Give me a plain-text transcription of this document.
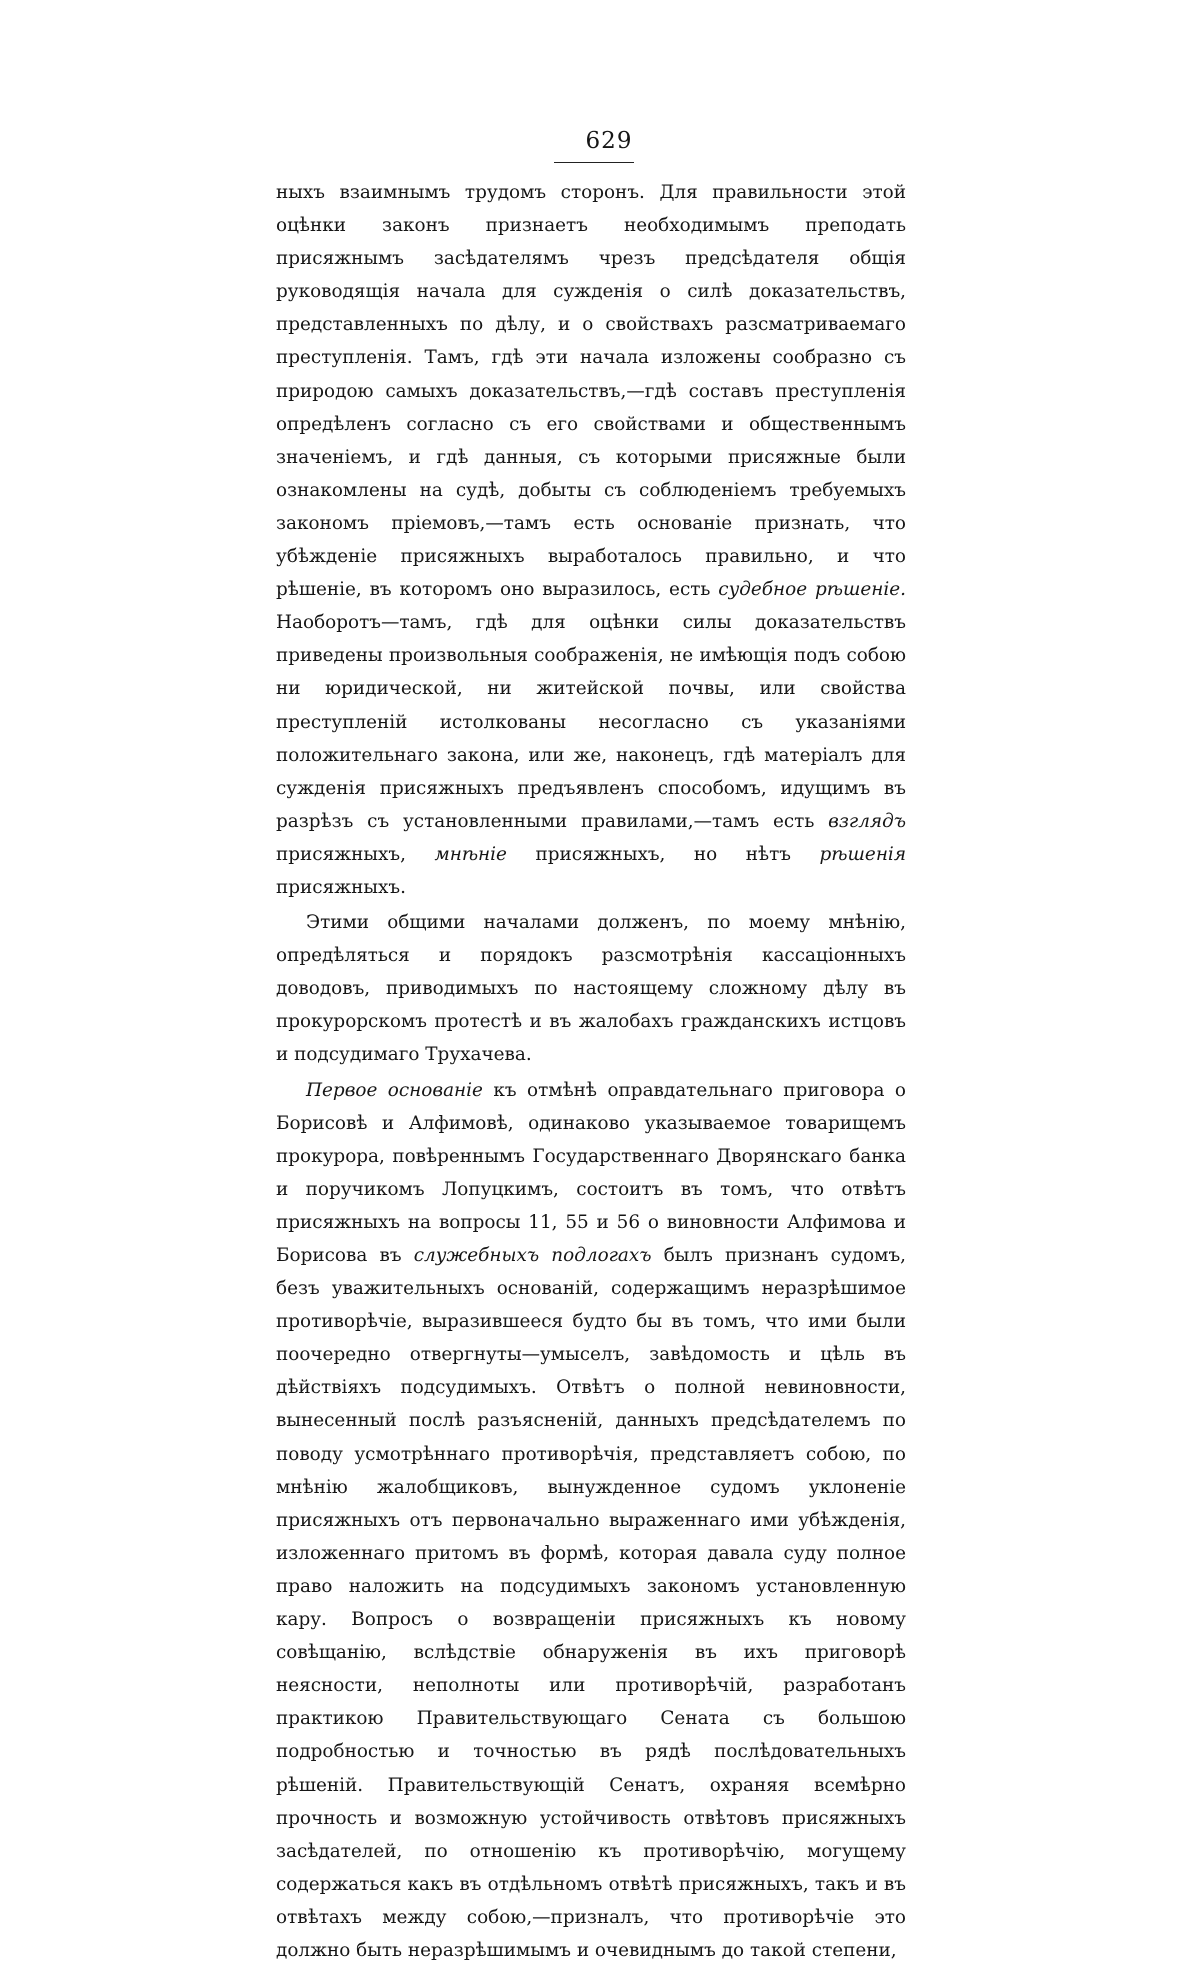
629

ныхъ взаимнымъ трудомъ сторонъ. Для правильности этой оцѣнки законъ признаетъ необходимымъ преподать присяжнымъ засѣдателямъ чрезъ предсѣдателя общія руководящія начала для сужденія о силѣ доказательствъ, представленныхъ по дѣлу, и о свойствахъ разсматриваемаго преступленія. Тамъ, гдѣ эти начала изложены сообразно съ природою самыхъ доказательствъ,—гдѣ составъ преступленія опредѣленъ согласно съ его свойствами и общественнымъ значеніемъ, и гдѣ данныя, съ которыми присяжные были ознакомлены на судѣ, добыты съ соблюденіемъ требуемыхъ закономъ пріемовъ,—тамъ есть основаніе признать, что убѣжденіе присяжныхъ выработалось правильно, и что рѣшеніе, въ которомъ оно выразилось, есть судебное рѣшеніе. Наоборотъ—тамъ, гдѣ для оцѣнки силы доказательствъ приведены произвольныя соображенія, не имѣющія подъ собою ни юридической, ни житейской почвы, или свойства преступленій истолкованы несогласно съ указаніями положительнаго закона, или же, наконецъ, гдѣ матеріалъ для сужденія присяжныхъ предъявленъ способомъ, идущимъ въ разрѣзъ съ установленными правилами,—тамъ есть взглядъ присяжныхъ, мнѣніе присяжныхъ, но нѣтъ рѣшенія присяжныхъ.

Этими общими началами долженъ, по моему мнѣнію, опредѣляться и порядокъ разсмотрѣнія кассаціонныхъ доводовъ, приводимыхъ по настоящему сложному дѣлу въ прокурорскомъ протестѣ и въ жалобахъ гражданскихъ истцовъ и подсудимаго Трухачева.

Первое основаніе къ отмѣнѣ оправдательнаго приговора о Борисовѣ и Алфимовѣ, одинаково указываемое товарищемъ прокурора, повѣреннымъ Государственнаго Дворянскаго банка и поручикомъ Лопуцкимъ, состоитъ въ томъ, что отвѣтъ присяжныхъ на вопросы 11, 55 и 56 о виновности Алфимова и Борисова въ служебныхъ подлогахъ былъ признанъ судомъ, безъ уважительныхъ основаній, содержащимъ неразрѣшимое противорѣчіе, выразившееся будто бы въ томъ, что ими были поочередно отвергнуты—умыселъ, завѣдомость и цѣль въ дѣйствіяхъ подсудимыхъ. Отвѣтъ о полной невиновности, вынесенный послѣ разъясненій, данныхъ предсѣдателемъ по поводу усмотрѣннаго противорѣчія, представляетъ собою, по мнѣнію жалобщиковъ, вынужденное судомъ уклоненіе присяжныхъ отъ первоначально выраженнаго ими убѣжденія, изложеннаго притомъ въ формѣ, которая давала суду полное право наложить на подсудимыхъ закономъ установленную кару. Вопросъ о возвращеніи присяжныхъ къ новому совѣщанію, вслѣдствіе обнаруженія въ ихъ приговорѣ неясности, неполноты или противорѣчій, разработанъ практикою Правительствующаго Сената съ большою подробностью и точностью въ рядѣ послѣдовательныхъ рѣшеній. Правительствующій Сенатъ, охраняя всемѣрно прочность и возможную устойчивость отвѣтовъ присяжныхъ засѣдателей, по отношенію къ противорѣчію, могущему содержаться какъ въ отдѣльномъ отвѣтѣ присяжныхъ, такъ и въ отвѣтахъ между собою,—призналъ, что противорѣчіе это должно быть неразрѣшимымъ и очевиднымъ до такой степени,
